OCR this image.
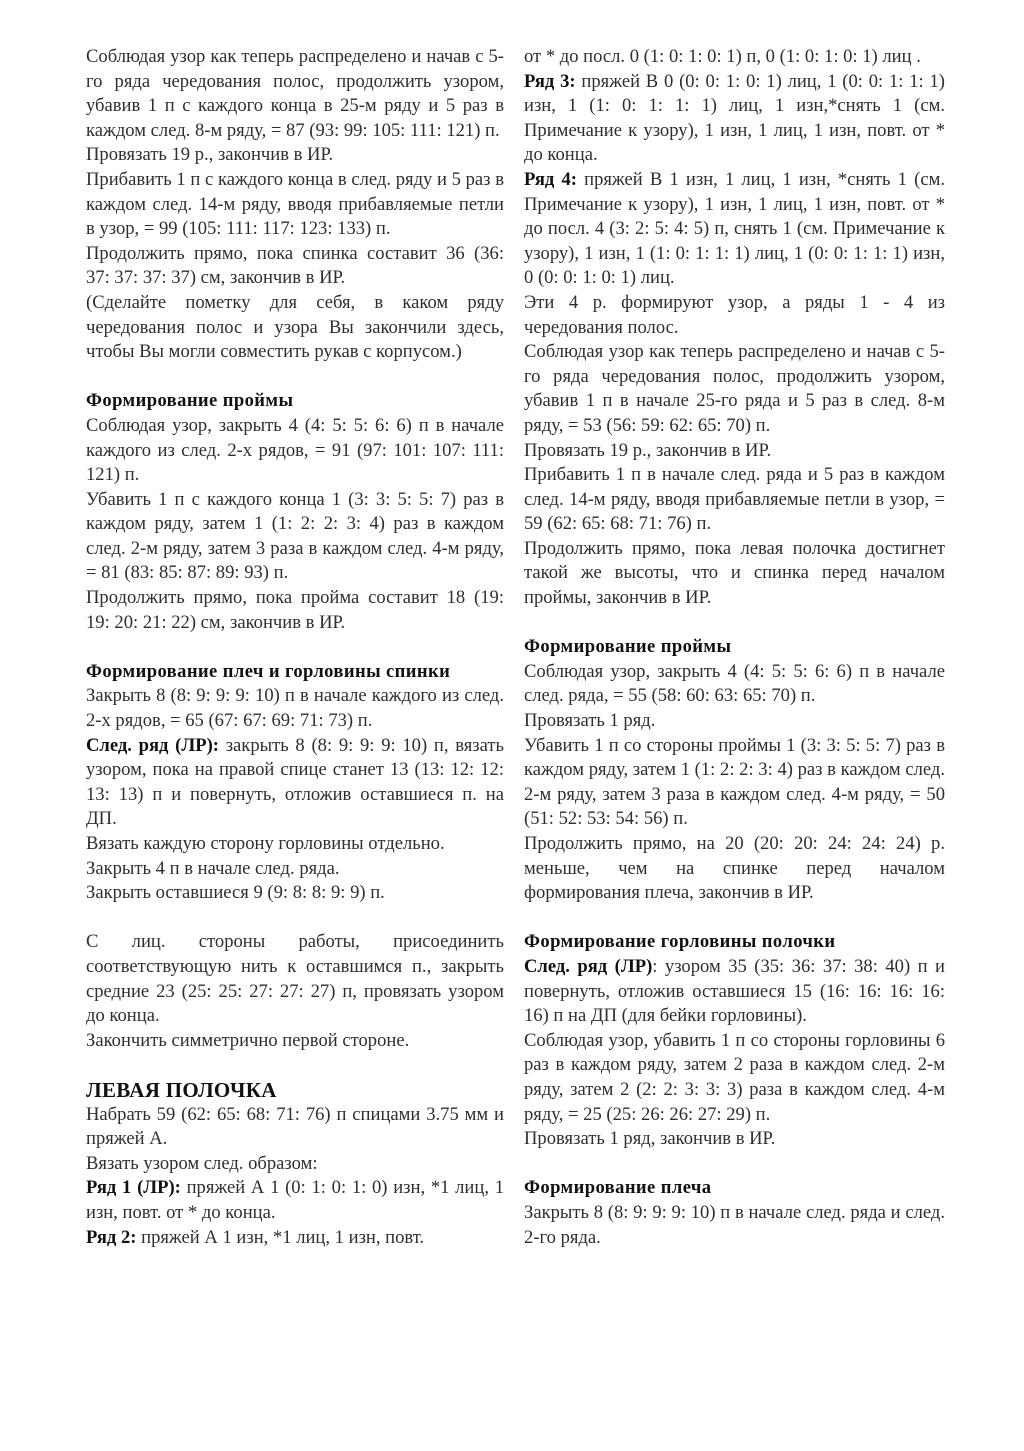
Соблюдая узор как теперь распределено и начав с 5-го ряда чередования полос, продолжить узором, убавив 1 п с каждого конца в 25-м ряду и 5 раз в каждом след. 8-м ряду, = 87 (93: 99: 105: 111: 121) п.

Провязать 19 р., закончив в ИР.

Прибавить 1 п с каждого конца в след. ряду и 5 раз в каждом след. 14-м ряду, вводя прибавляемые петли в узор, = 99 (105: 111: 117: 123: 133) п.

Продолжить прямо, пока спинка составит 36 (36: 37: 37: 37: 37) см, закончив в ИР.

(Сделайте пометку для себя, в каком ряду чередования полос и узора Вы закончили здесь, чтобы Вы могли совместить рукав с корпусом.)

Формирование проймы

Соблюдая узор, закрыть 4 (4: 5: 5: 6: 6) п в начале каждого из след. 2-х рядов, = 91 (97: 101: 107: 111: 121) п.

Убавить 1 п с каждого конца 1 (3: 3: 5: 5: 7) раз в каждом ряду, затем 1 (1: 2: 2: 3: 4) раз в каждом след. 2-м ряду, затем 3 раза в каждом след. 4-м ряду, = 81 (83: 85: 87: 89: 93) п.

Продолжить прямо, пока пройма составит 18 (19: 19: 20: 21: 22) см, закончив в ИР.

Формирование плеч и горловины спинки

Закрыть 8 (8: 9: 9: 9: 10) п в начале каждого из след. 2-х рядов, = 65 (67: 67: 69: 71: 73) п.

След. ряд (ЛР): закрыть 8 (8: 9: 9: 9: 10) п, вязать узором, пока на правой спице станет 13 (13: 12: 12: 13: 13) п и повернуть, отложив оставшиеся п. на ДП.

Вязать каждую сторону горловины отдельно.

Закрыть 4 п в начале след. ряда.

Закрыть оставшиеся 9 (9: 8: 8: 9: 9) п.

С лиц. стороны работы, присоединить соответствующую нить к оставшимся п., закрыть средние 23 (25: 25: 27: 27: 27) п, провязать узором до конца.

Закончить симметрично первой стороне.

ЛЕВАЯ ПОЛОЧКА

Набрать 59 (62: 65: 68: 71: 76) п спицами 3.75 мм и пряжей А.

Вязать узором след. образом:

Ряд 1 (ЛР): пряжей А 1 (0: 1: 0: 1: 0) изн, *1 лиц, 1 изн, повт. от * до конца.

Ряд 2: пряжей А 1 изн, *1 лиц, 1 изн, повт.

от * до посл. 0 (1: 0: 1: 0: 1) п, 0 (1: 0: 1: 0: 1) лиц .

Ряд 3: пряжей В 0 (0: 0: 1: 0: 1) лиц, 1 (0: 0: 1: 1: 1) изн, 1 (1: 0: 1: 1: 1) лиц, 1 изн,*снять 1 (см. Примечание к узору), 1 изн, 1 лиц, 1 изн, повт. от * до конца.

Ряд 4: пряжей В 1 изн, 1 лиц, 1 изн, *снять 1 (см. Примечание к узору), 1 изн, 1 лиц, 1 изн, повт. от * до посл. 4 (3: 2: 5: 4: 5) п, снять 1 (см. Примечание к узору), 1 изн, 1 (1: 0: 1: 1: 1) лиц, 1 (0: 0: 1: 1: 1) изн, 0 (0: 0: 1: 0: 1) лиц.

Эти 4 р. формируют узор, а ряды 1 - 4 из чередования полос.

Соблюдая узор как теперь распределено и начав с 5-го ряда чередования полос, продолжить узором, убавив 1 п в начале 25-го ряда и 5 раз в след. 8-м ряду, = 53 (56: 59: 62: 65: 70) п.

Провязать 19 р., закончив в ИР.

Прибавить 1 п в начале след. ряда и 5 раз в каждом след. 14-м ряду, вводя прибавляемые петли в узор, = 59 (62: 65: 68: 71: 76) п.

Продолжить прямо, пока левая полочка достигнет такой же высоты, что и спинка перед началом проймы, закончив в ИР.

Формирование проймы

Соблюдая узор, закрыть 4 (4: 5: 5: 6: 6) п в начале след. ряда, = 55 (58: 60: 63: 65: 70) п.

Провязать 1 ряд.

Убавить 1 п со стороны проймы 1 (3: 3: 5: 5: 7) раз в каждом ряду, затем 1 (1: 2: 2: 3: 4) раз в каждом след. 2-м ряду, затем 3 раза в каждом след. 4-м ряду, = 50 (51: 52: 53: 54: 56) п.

Продолжить прямо, на 20 (20: 20: 24: 24: 24) р. меньше, чем на спинке перед началом формирования плеча, закончив в ИР.

Формирование горловины полочки

След. ряд (ЛР): узором 35 (35: 36: 37: 38: 40) п и повернуть, отложив оставшиеся 15 (16: 16: 16: 16: 16) п на ДП (для бейки горловины).

Соблюдая узор, убавить 1 п со стороны горловины 6 раз в каждом ряду, затем 2 раза в каждом след. 2-м ряду, затем 2 (2: 2: 3: 3: 3) раза в каждом след. 4-м ряду, = 25 (25: 26: 26: 27: 29) п.

Провязать 1 ряд, закончив в ИР.

Формирование плеча

Закрыть 8 (8: 9: 9: 9: 10) п в начале след. ряда и след. 2-го ряда.
